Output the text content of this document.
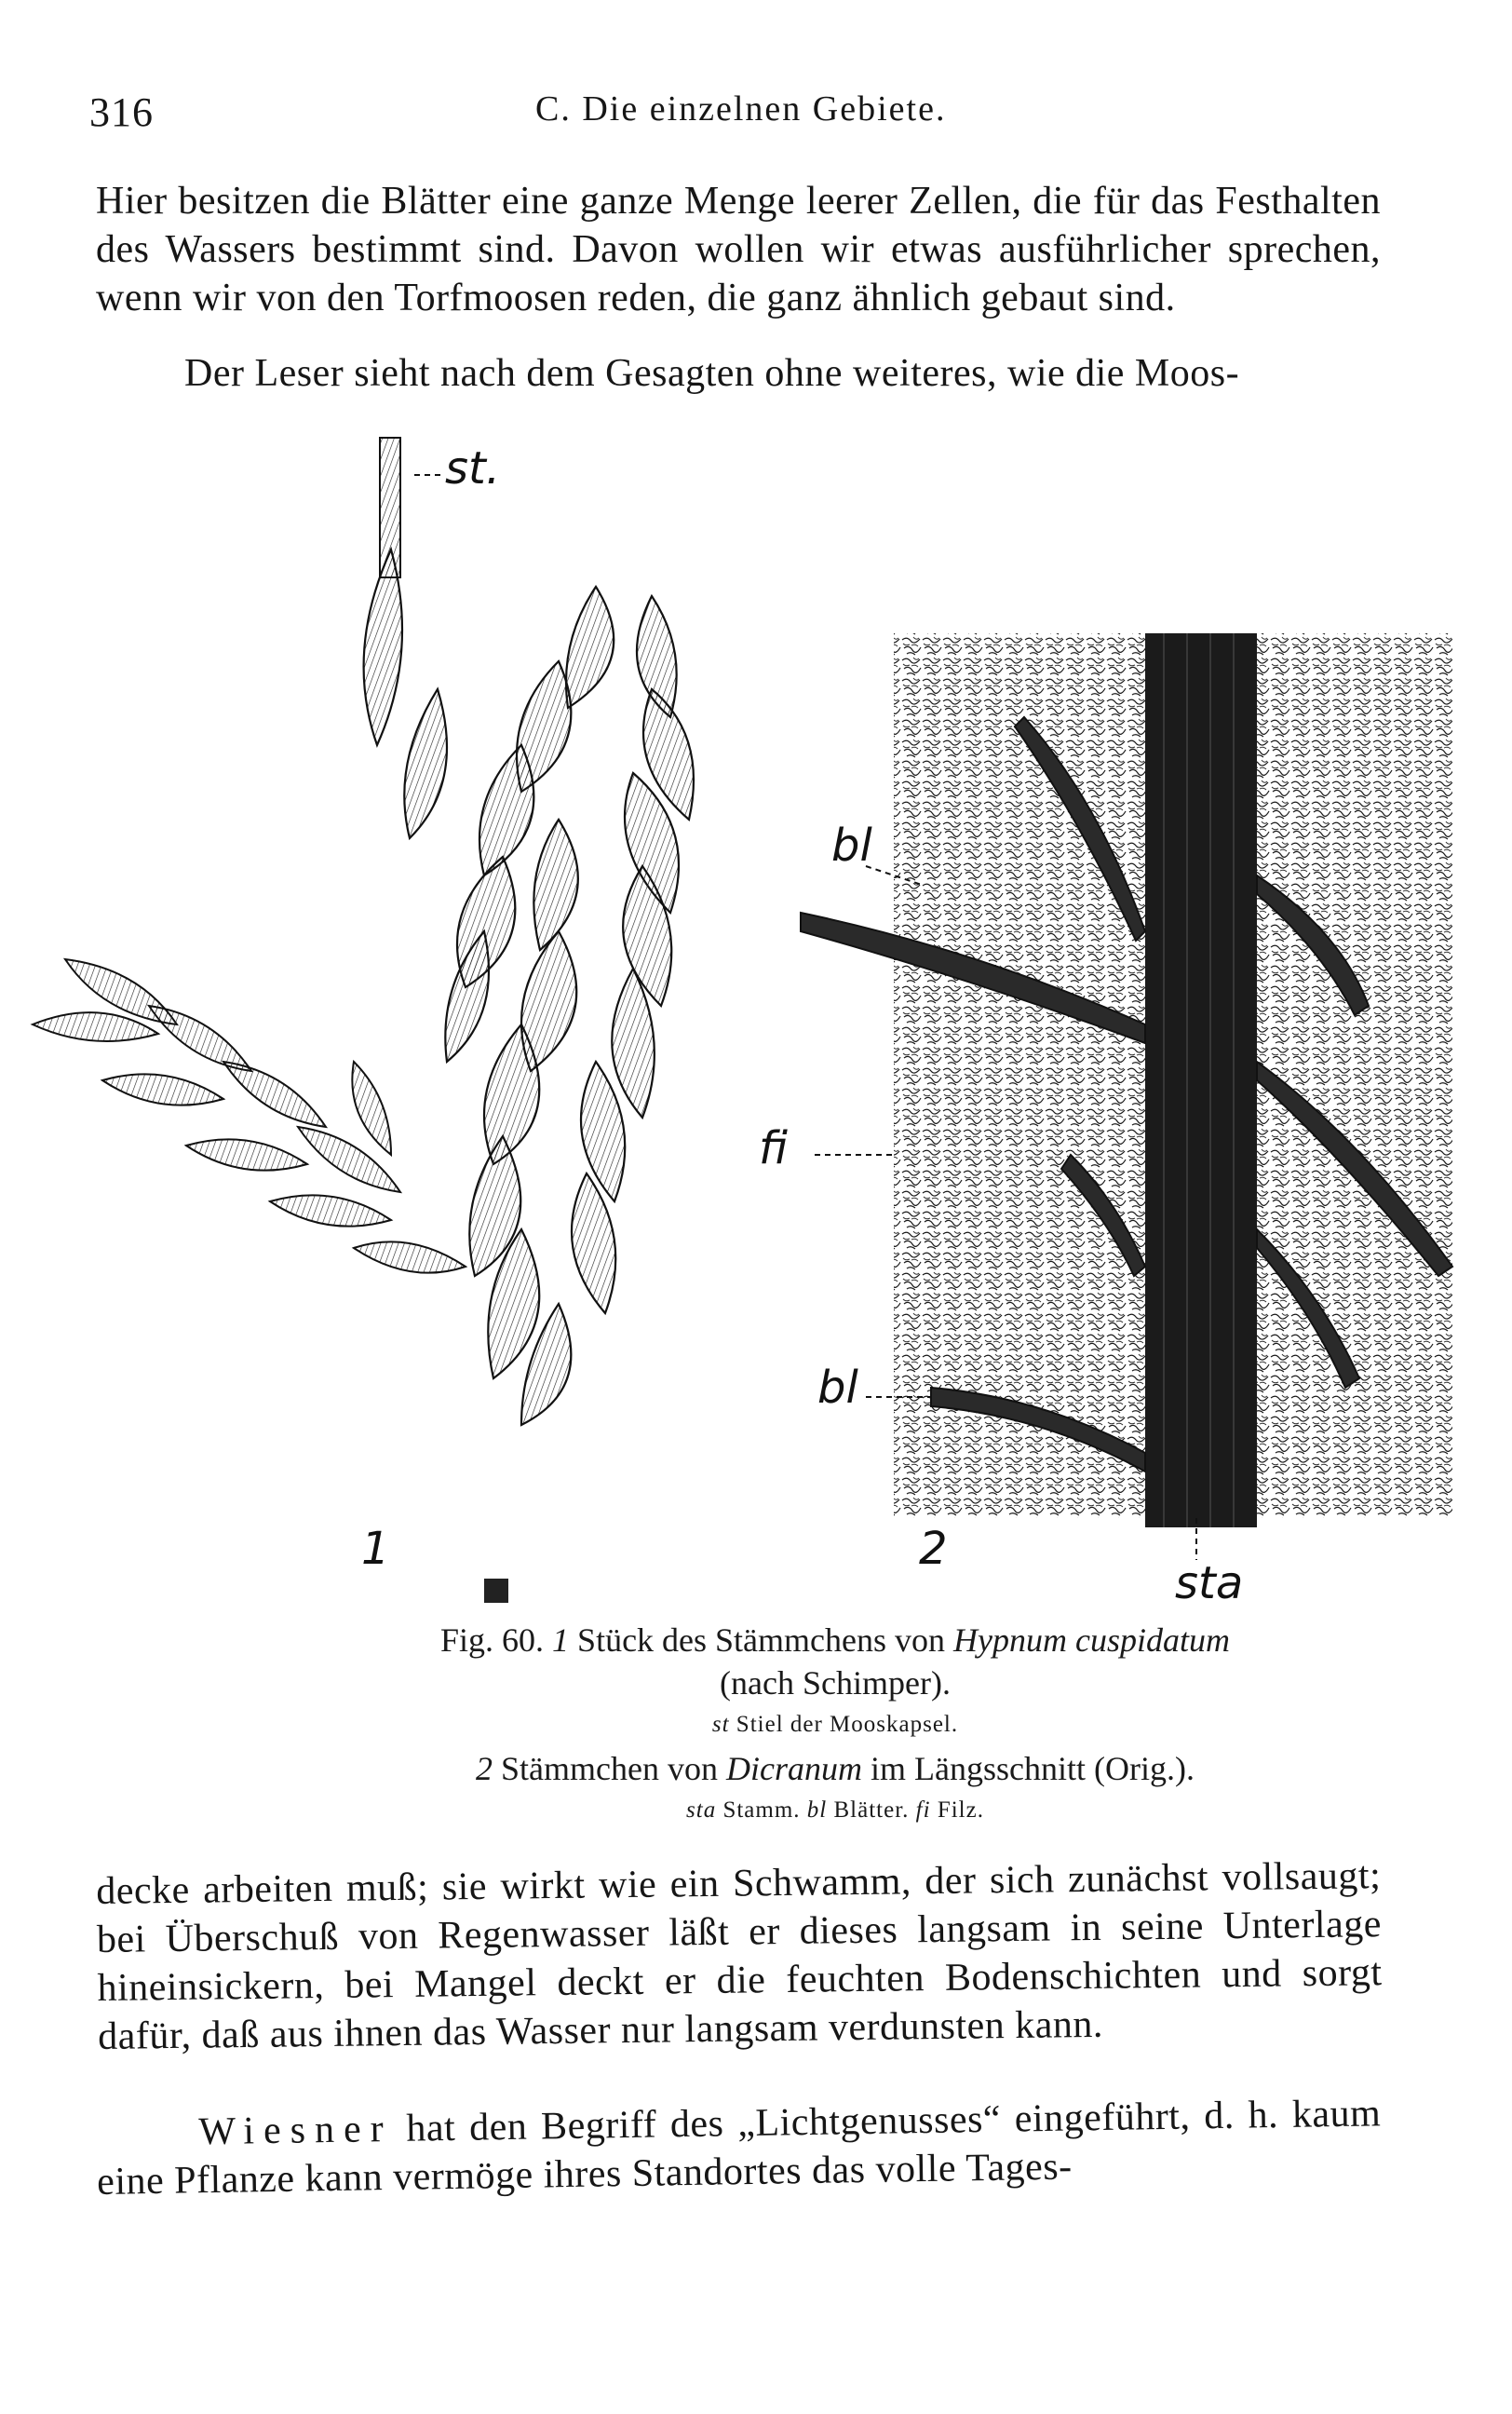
316	C. Die einzelnen Gebiete.

Hier besitzen die Blätter eine ganze Menge leerer Zellen, die für das Festhalten des Wassers bestimmt sind. Davon wollen wir etwas ausführlicher sprechen, wenn wir von den Torfmoosen reden, die ganz ähnlich gebaut sind.

Der Leser sieht nach dem Gesagten ohne weiteres, wie die Moos-

st.
bl
fi
bl
1	2
sta
Fig. 60. 1 Stück des Stämmchens von Hypnum cuspidatum
(nach Schimper).
st Stiel der Mooskapsel.
2 Stämmchen von Dicranum im Längsschnitt (Orig.).
sta Stamm. bl Blätter. fi Filz.

decke arbeiten muß; sie wirkt wie ein Schwamm, der sich zunächst vollsaugt; bei Überschuß von Regenwasser läßt er dieses langsam in seine Unterlage hineinsickern, bei Mangel deckt er die feuchten Bodenschichten und sorgt dafür, daß aus ihnen das Wasser nur langsam verdunsten kann.

Wiesner hat den Begriff des „Lichtgenusses“ eingeführt, d. h. kaum eine Pflanze kann vermöge ihres Standortes das volle Tages-
